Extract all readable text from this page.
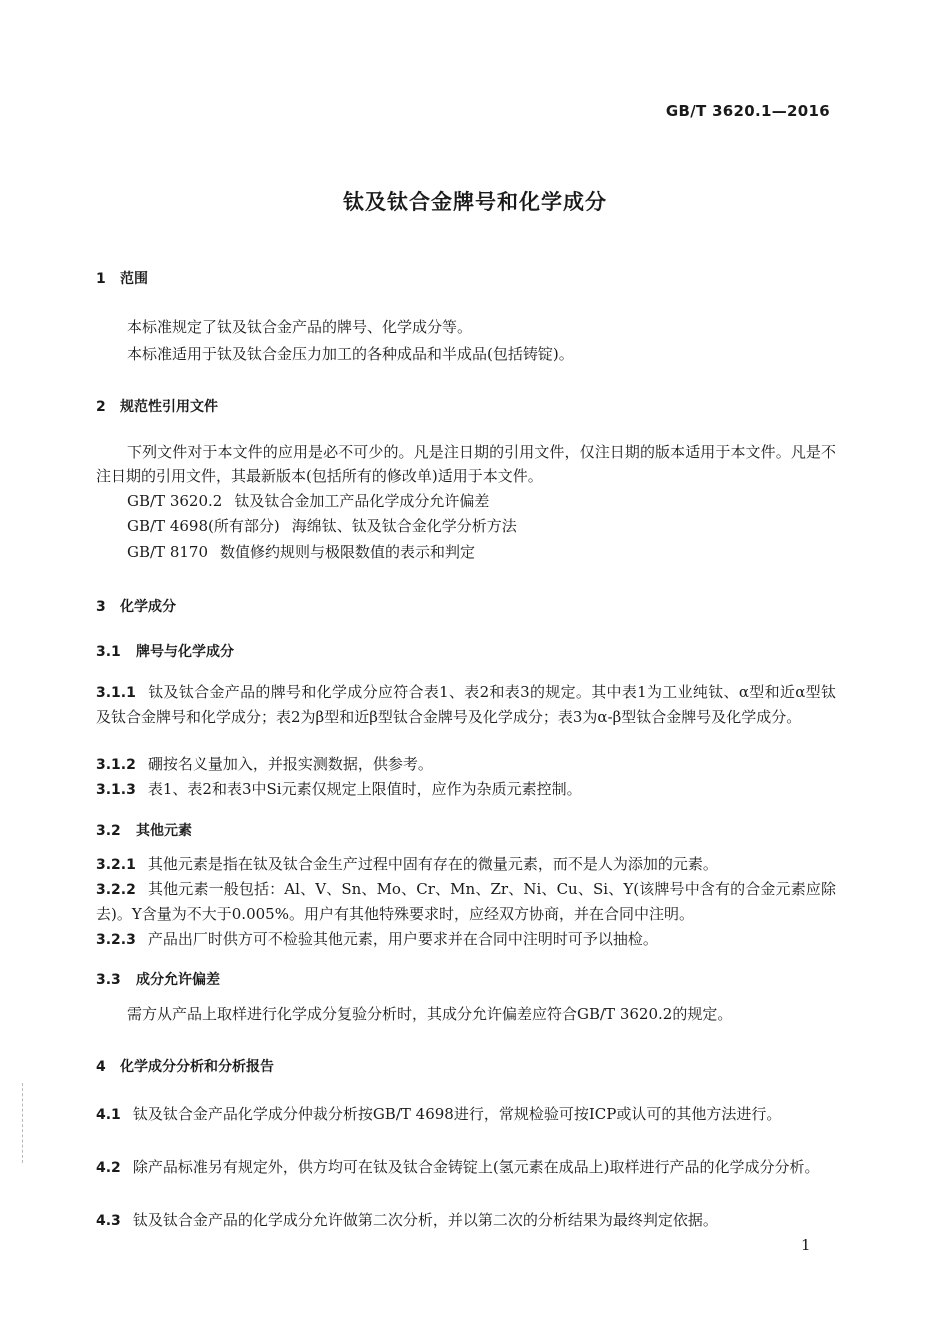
GB/T 3620.1—2016
钛及钛合金牌号和化学成分
1 范围
本标准规定了钛及钛合金产品的牌号、化学成分等。
本标准适用于钛及钛合金压力加工的各种成品和半成品(包括铸锭)。
2 规范性引用文件
下列文件对于本文件的应用是必不可少的。凡是注日期的引用文件，仅注日期的版本适用于本文件。凡是不注日期的引用文件，其最新版本(包括所有的修改单)适用于本文件。
GB/T 3620.2 钛及钛合金加工产品化学成分允许偏差
GB/T 4698(所有部分) 海绵钛、钛及钛合金化学分析方法
GB/T 8170 数值修约规则与极限数值的表示和判定
3 化学成分
3.1 牌号与化学成分
3.1.1 钛及钛合金产品的牌号和化学成分应符合表1、表2和表3的规定。其中表1为工业纯钛、α型和近α型钛及钛合金牌号和化学成分；表2为β型和近β型钛合金牌号及化学成分；表3为α-β型钛合金牌号及化学成分。
3.1.2 硼按名义量加入，并报实测数据，供参考。
3.1.3 表1、表2和表3中Si元素仅规定上限值时，应作为杂质元素控制。
3.2 其他元素
3.2.1 其他元素是指在钛及钛合金生产过程中固有存在的微量元素，而不是人为添加的元素。
3.2.2 其他元素一般包括：Al、V、Sn、Mo、Cr、Mn、Zr、Ni、Cu、Si、Y(该牌号中含有的合金元素应除去)。Y含量为不大于0.005%。用户有其他特殊要求时，应经双方协商，并在合同中注明。
3.2.3 产品出厂时供方可不检验其他元素，用户要求并在合同中注明时可予以抽检。
3.3 成分允许偏差
需方从产品上取样进行化学成分复验分析时，其成分允许偏差应符合GB/T 3620.2的规定。
4 化学成分分析和分析报告
4.1 钛及钛合金产品化学成分仲裁分析按GB/T 4698进行，常规检验可按ICP或认可的其他方法进行。
4.2 除产品标准另有规定外，供方均可在钛及钛合金铸锭上(氢元素在成品上)取样进行产品的化学成分分析。
4.3 钛及钛合金产品的化学成分允许做第二次分析，并以第二次的分析结果为最终判定依据。
1
